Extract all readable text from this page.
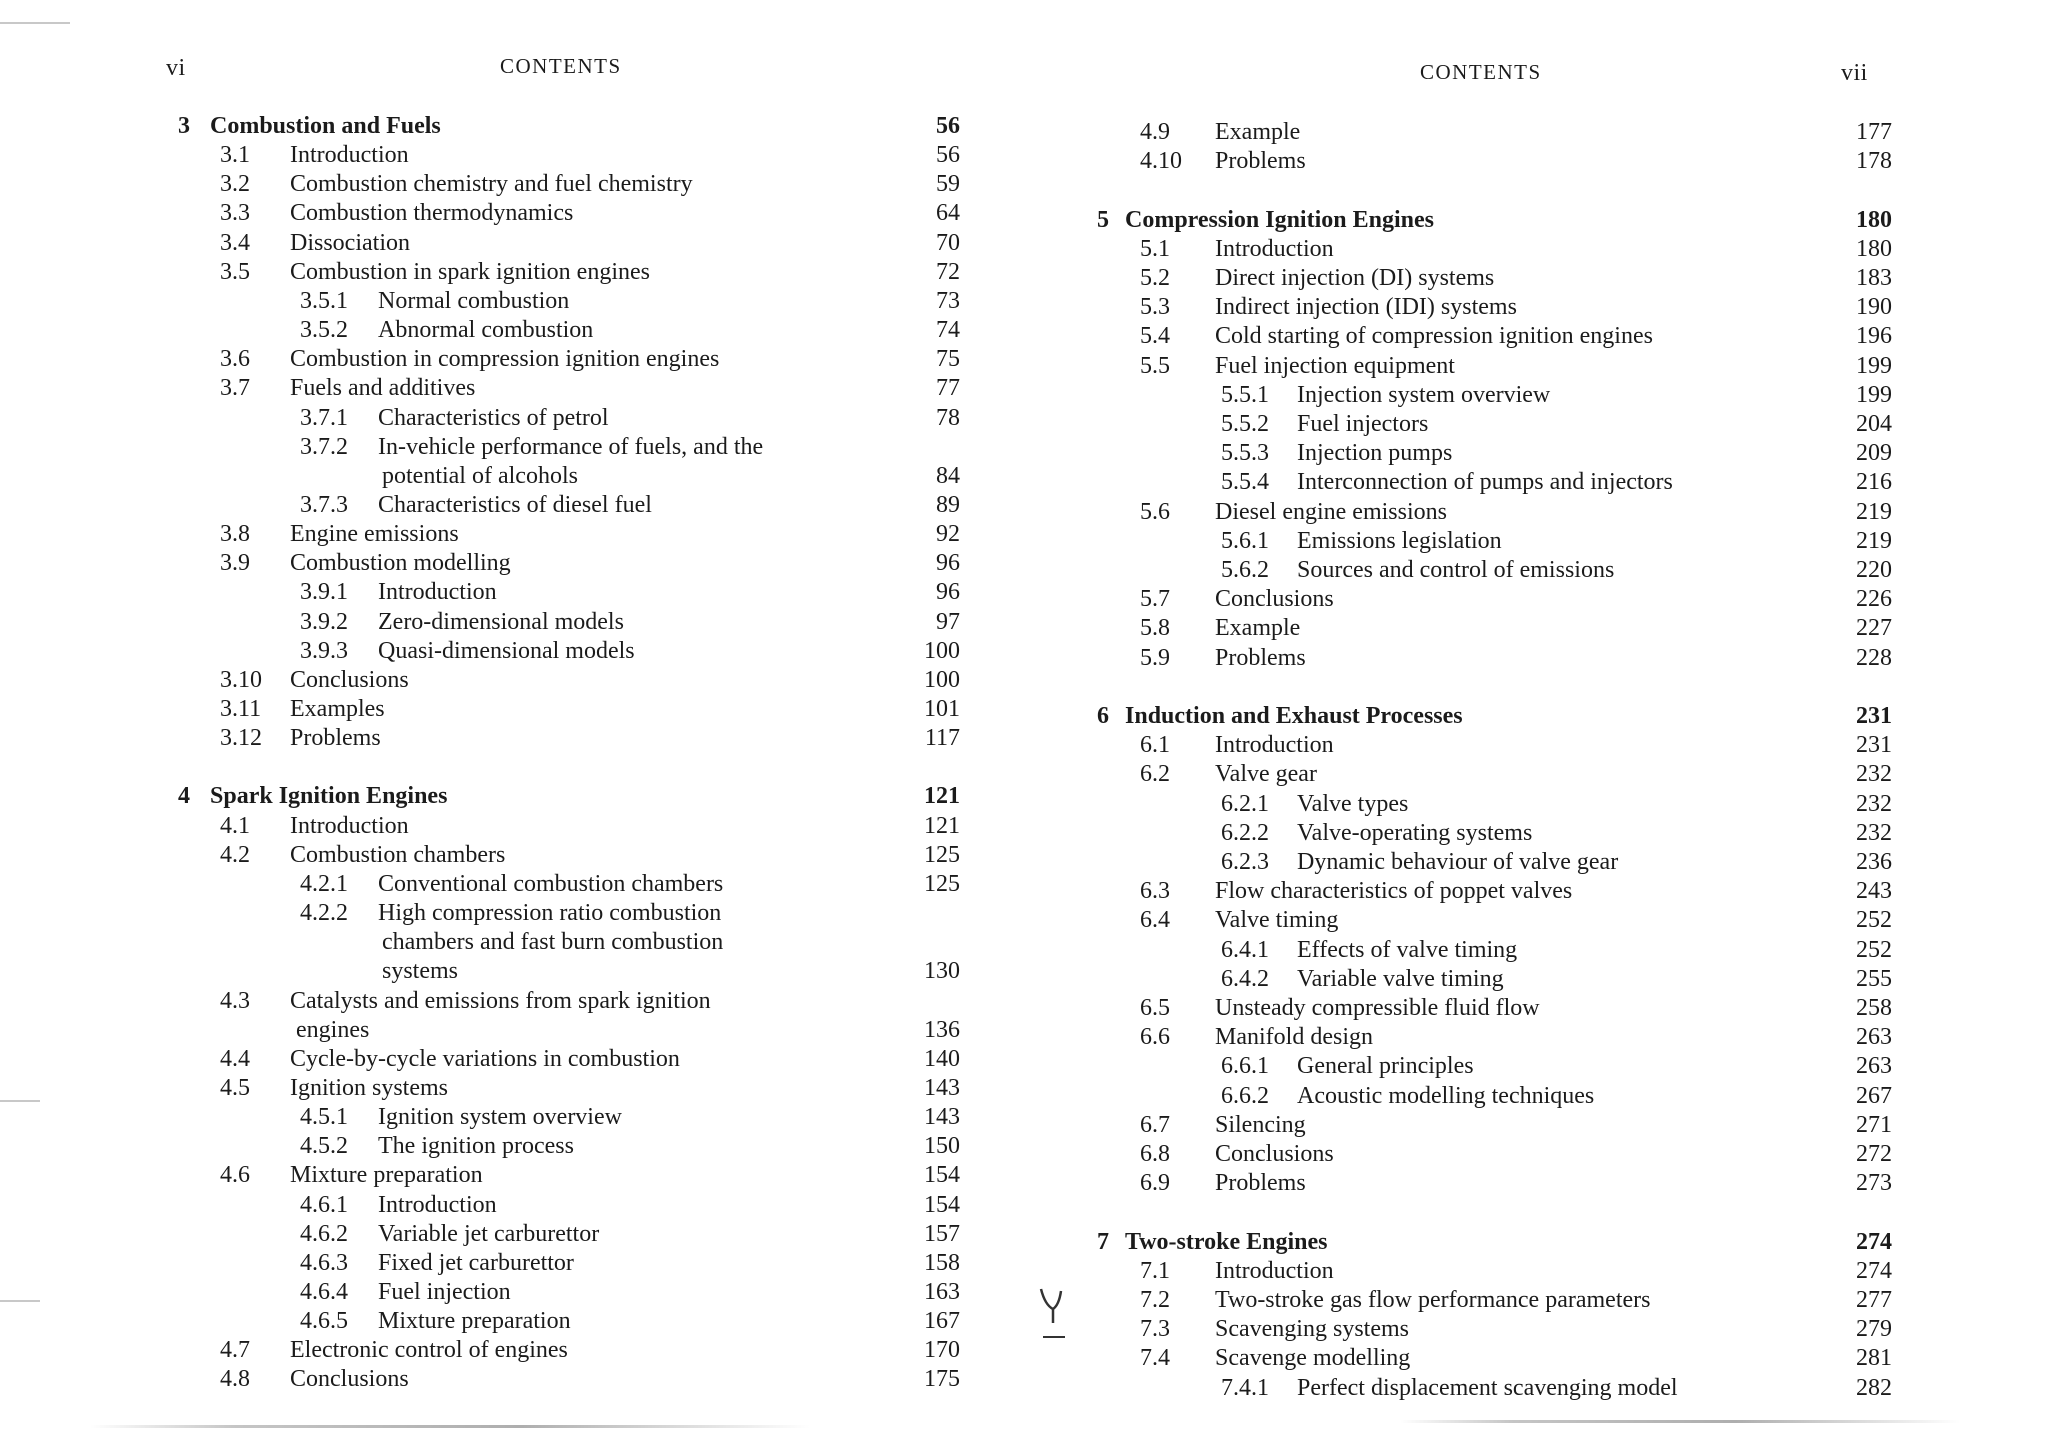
vi	CONTENTS
3 Combustion and Fuels	56
3.1 Introduction	56
3.2 Combustion chemistry and fuel chemistry	59
3.3 Combustion thermodynamics	64
3.4 Dissociation	70
3.5 Combustion in spark ignition engines	72
3.5.1 Normal combustion	73
3.5.2 Abnormal combustion	74
3.6 Combustion in compression ignition engines	75
3.7 Fuels and additives	77
3.7.1 Characteristics of petrol	78
3.7.2 In-vehicle performance of fuels, and the
potential of alcohols	84
3.7.3 Characteristics of diesel fuel	89
3.8 Engine emissions	92
3.9 Combustion modelling	96
3.9.1 Introduction	96
3.9.2 Zero-dimensional models	97
3.9.3 Quasi-dimensional models	100
3.10 Conclusions	100
3.11 Examples	101
3.12 Problems	117
4 Spark Ignition Engines	121
4.1 Introduction	121
4.2 Combustion chambers	125
4.2.1 Conventional combustion chambers	125
4.2.2 High compression ratio combustion
chambers and fast burn combustion
systems	130
4.3 Catalysts and emissions from spark ignition
engines	136
4.4 Cycle-by-cycle variations in combustion	140
4.5 Ignition systems	143
4.5.1 Ignition system overview	143
4.5.2 The ignition process	150
4.6 Mixture preparation	154
4.6.1 Introduction	154
4.6.2 Variable jet carburettor	157
4.6.3 Fixed jet carburettor	158
4.6.4 Fuel injection	163
4.6.5 Mixture preparation	167
4.7 Electronic control of engines	170
4.8 Conclusions	175
CONTENTS	vii
4.9 Example	177
4.10 Problems	178
5 Compression Ignition Engines	180
5.1 Introduction	180
5.2 Direct injection (DI) systems	183
5.3 Indirect injection (IDI) systems	190
5.4 Cold starting of compression ignition engines	196
5.5 Fuel injection equipment	199
5.5.1 Injection system overview	199
5.5.2 Fuel injectors	204
5.5.3 Injection pumps	209
5.5.4 Interconnection of pumps and injectors	216
5.6 Diesel engine emissions	219
5.6.1 Emissions legislation	219
5.6.2 Sources and control of emissions	220
5.7 Conclusions	226
5.8 Example	227
5.9 Problems	228
6 Induction and Exhaust Processes	231
6.1 Introduction	231
6.2 Valve gear	232
6.2.1 Valve types	232
6.2.2 Valve-operating systems	232
6.2.3 Dynamic behaviour of valve gear	236
6.3 Flow characteristics of poppet valves	243
6.4 Valve timing	252
6.4.1 Effects of valve timing	252
6.4.2 Variable valve timing	255
6.5 Unsteady compressible fluid flow	258
6.6 Manifold design	263
6.6.1 General principles	263
6.6.2 Acoustic modelling techniques	267
6.7 Silencing	271
6.8 Conclusions	272
6.9 Problems	273
7 Two-stroke Engines	274
7.1 Introduction	274
7.2 Two-stroke gas flow performance parameters	277
7.3 Scavenging systems	279
7.4 Scavenge modelling	281
7.4.1 Perfect displacement scavenging model	282
